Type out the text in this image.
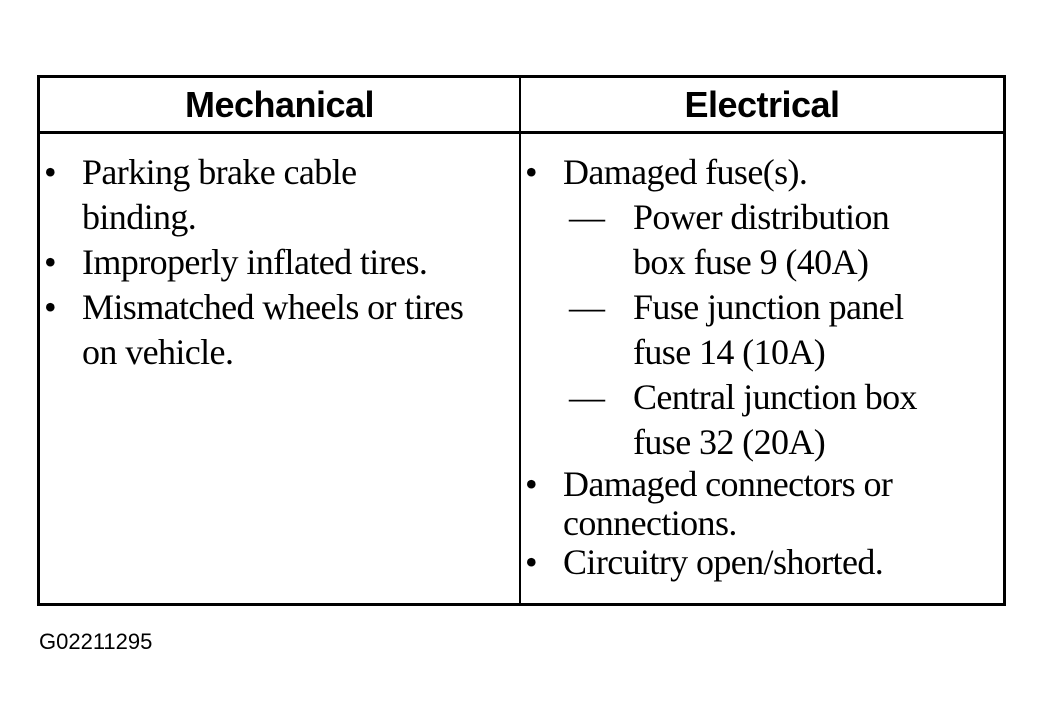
Mechanical
• Parking brake cable binding.
• Improperly inflated tires.
• Mismatched wheels or tires on vehicle.
Electrical
• Damaged fuse(s).
— Power distribution box fuse 9 (40A)
— Fuse junction panel fuse 14 (10A)
— Central junction box fuse 32 (20A)
• Damaged connectors or connections.
• Circuitry open/shorted.
G02211295
